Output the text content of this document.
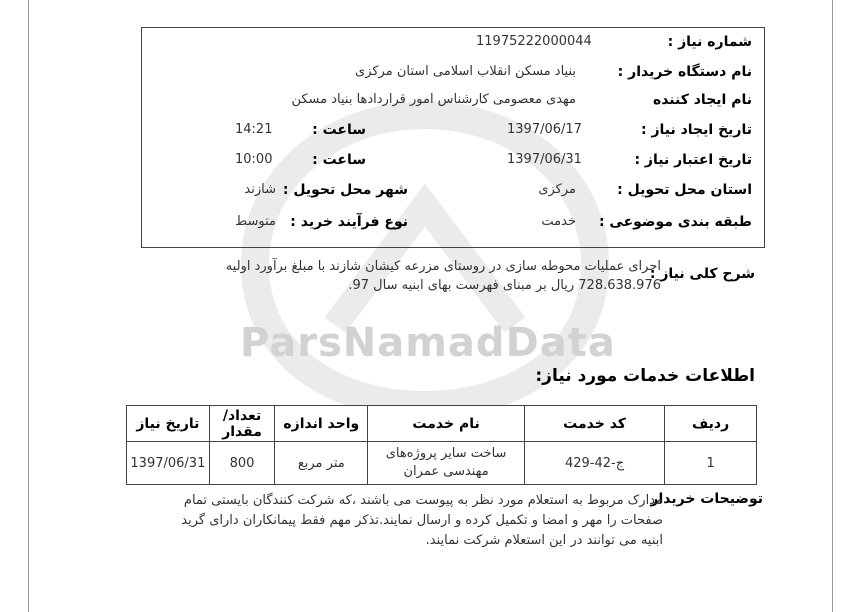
ParsNamadData
شماره نیاز :
11975222000044
نام دستگاه خریدار :
بنیاد مسکن انقلاب اسلامی استان مرکزی
نام ایجاد کننده
مهدی معصومی کارشناس امور قراردادها بنیاد مسکن
تاریخ ایجاد نیاز :
1397/06/17
ساعت :
14:21
تاریخ اعتبار نیاز :
1397/06/31
ساعت :
10:00
استان محل تحویل :
مرکزی
شهر محل تحویل :
شازند
طبقه بندی موضوعی :
خدمت
نوع فرآیند خرید :
متوسط
شرح کلی نیاز :
اجرای عملیات محوطه سازی در روستای مزرعه کیشان شازند با مبلغ برآورد اولیه
728.638.976 ریال بر مبنای فهرست بهای ابنیه سال 97.
اطلاعات خدمات مورد نیاز:
ردیف	کد خدمت	نام خدمت	واحد اندازه	تعداد/ مقدار	تاریخ نیاز
1	ج-42-429	ساخت سایر پروژه‌های مهندسی عمران	متر مربع	800	1397/06/31
توضیحات خریدار
مدارک مربوط به استعلام مورد نظر به پیوست می باشند ،که شرکت کنندگان بایستی تمام صفحات را مهر و امضا و تکمیل کرده و ارسال نمایند.تذکر مهم فقط پیمانکاران دارای گرید ابنیه می توانند در این استعلام شرکت نمایند.
